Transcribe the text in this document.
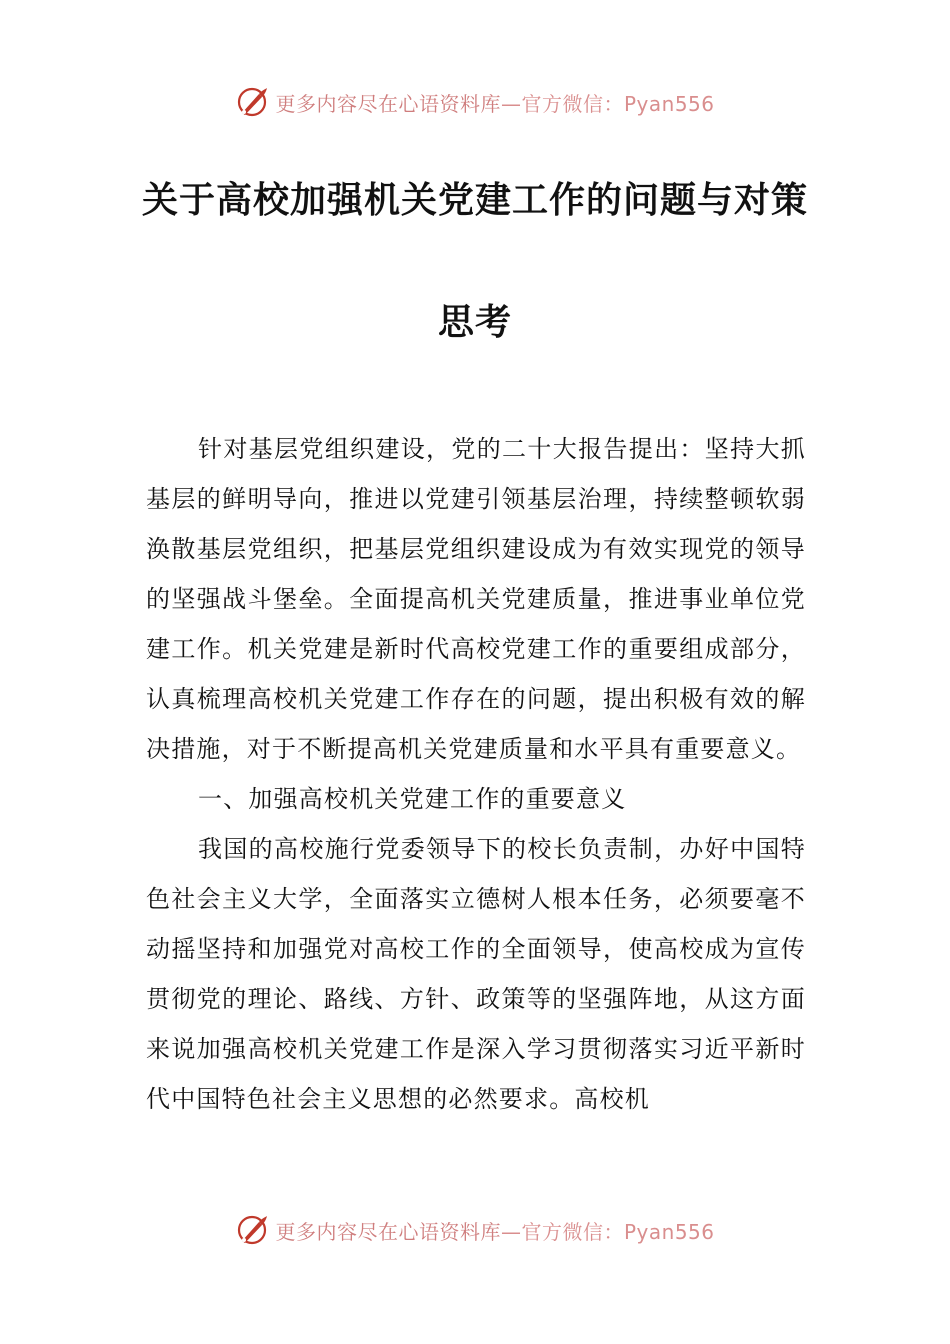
更多内容尽在心语资料库—官方微信：Pyan556
关于高校加强机关党建工作的问题与对策
思考

针对基层党组织建设，党的二十大报告提出：坚持大抓基层的鲜明导向，推进以党建引领基层治理，持续整顿软弱涣散基层党组织，把基层党组织建设成为有效实现党的领导的坚强战斗堡垒。全面提高机关党建质量，推进事业单位党建工作。机关党建是新时代高校党建工作的重要组成部分，认真梳理高校机关党建工作存在的问题，提出积极有效的解决措施，对于不断提高机关党建质量和水平具有重要意义。

一、加强高校机关党建工作的重要意义

我国的高校施行党委领导下的校长负责制，办好中国特色社会主义大学，全面落实立德树人根本任务，必须要毫不动摇坚持和加强党对高校工作的全面领导，使高校成为宣传贯彻党的理论、路线、方针、政策等的坚强阵地，从这方面来说加强高校机关党建工作是深入学习贯彻落实习近平新时代中国特色社会主义思想的必然要求。高校机

更多内容尽在心语资料库—官方微信：Pyan556
